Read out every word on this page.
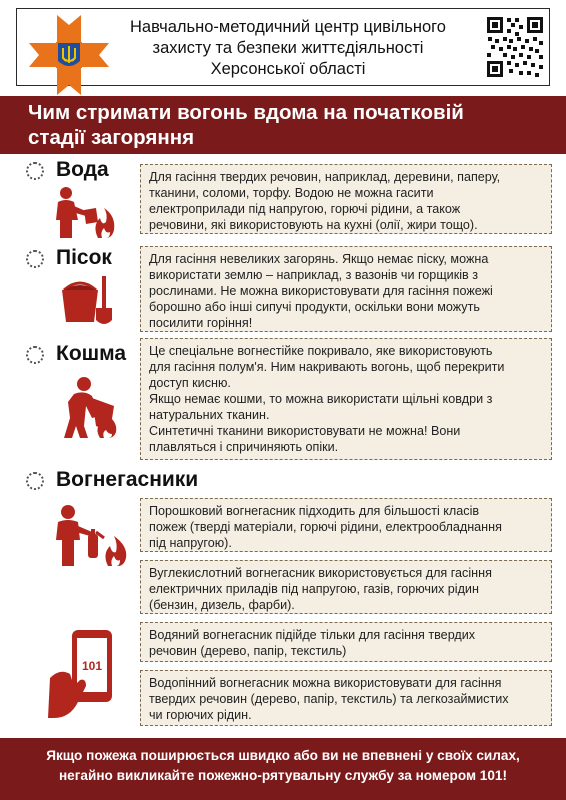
Навчально-методичний центр цивільного
захисту та безпеки життєдіяльності
Херсонської області
Чим стримати вогонь вдома на початковій
стадії загоряння
Вода	Для гасіння твердих речовин, наприклад, деревини, паперу,

тканини, соломи, торфу. Водою не можна гасити

електроприлади під напругою, горючі рідини, а також

речовини, які використовують на кухні (олії, жири тощо).

Пісок	Для гасіння невеликих загорянь. Якщо немає піску, можна

використати землю – наприклад, з вазонів чи горщиків з

рослинами. Не можна використовувати для гасіння пожежі

борошно або інші сипучі продукти, оскільки вони можуть

посилити горіння!

Кошма Це спеціальне вогнестійке покривало, яке використовують

для гасіння полум'я. Ним накривають вогонь, щоб перекрити

доступ кисню.

Якщо немає кошми, то можна використати щільні ковдри з

натуральних тканин.

Синтетичні тканини використовувати не можна! Вони

плавляться і спричиняють опіки.

Вогнегасники
101

Порошковий вогнегасник підходить для більшості класів

пожеж (тверді матеріали, горючі рідини, електрообладнання

під напругою).

Вуглекислотний вогнегасник використовується для гасіння

електричних приладів під напругою, газів, горючих рідин

(бензин, дизель, фарби).

Водяний вогнегасник підійде тільки для гасіння твердих

речовин (дерево, папір, текстиль)

Водопінний вогнегасник можна використовувати для гасіння

твердих речовин (дерево, папір, текстиль) та легкозаймистих

чи горючих рідин.

Якщо пожежа поширюється швидко або ви не впевнені у своїх силах,
негайно викликайте пожежно-рятувальну службу за номером 101!
